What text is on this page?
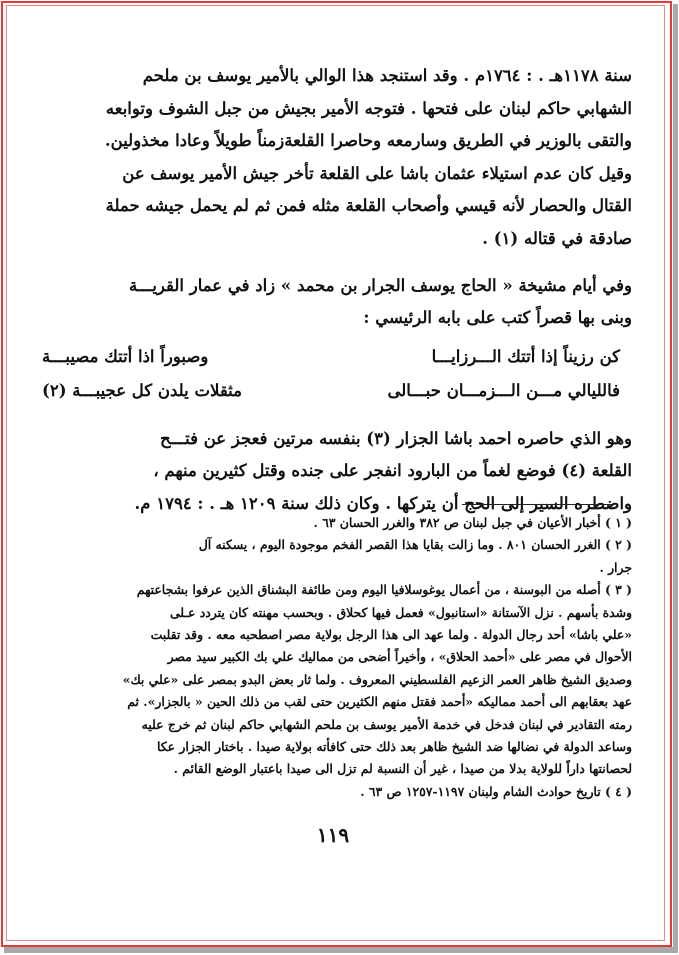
سنة ١١٧٨هـ . : ١٧٦٤م . وقد استنجد هذا الوالي بالأمير يوسف بن ملحم

الشهابي حاكم لبنان على فتحها . فتوجه الأمير بجيش من جبل الشوف وتوابعه

والتقى بالوزير في الطريق وسارمعه وحاصرا القلعةزمناً طويلاً وعادا مخذولين.

وقيل كان عدم استيلاء عثمان باشا على القلعة تأخر جيش الأمير يوسف عن

القتال والحصار لأنه قيسي وأصحاب القلعة مثله فمن ثم لم يحمل جيشه حملة

صادقة في قتاله (١) .

وفي أيام مشيخة « الحاج يوسف الجرار بن محمد » زاد في عمار القريـــة

وبنى بها قصراً كتب على بابه الرئيسي :

كن رزيناً إذا أتتك الـــرزايـــا
وصبوراً اذا أتتك مصيبـــة
فالليالي مـــن الـــزمـــان حبـــالى
مثقلات يلدن كل عجيبـــة (٢)

وهو الذي حاصره احمد باشا الجزار (٣) بنفسه مرتين فعجز عن فتـــح

القلعة (٤) فوضع لغماً من البارود انفجر على جنده وقتل كثيرين منهم ،

واضطره السير إلى الحج أن يتركها . وكان ذلك سنة ١٢٠٩ هـ . : ١٧٩٤ م.

( ١ ) أخبار الأعيان في جبل لبنان ص ٣٨٢ والغرر الحسان ٦٣ .

( ٢ ) الغرر الحسان ٨٠١ . وما زالت بقايا هذا القصر الفخم موجودة اليوم ، يسكنه آل

جرار .

( ٣ ) أصله من البوسنة ، من أعمال يوغوسلافيا اليوم ومن طائفة البشناق الذين عرفوا بشجاعتهم

وشدة بأسهم . نزل الآستانة «استانبول» فعمل فيها كحلاق . وبحسب مهنته كان يتردد عـلى

«علي باشا» أحد رجال الدولة . ولما عهد الى هذا الرجل بولاية مصر اصطحبه معه . وقد تقلبت

الأحوال في مصر على «أحمد الحلاق» ، وأخيراً أضحى من مماليك علي بك الكبير سيد مصر

وصديق الشيخ ظاهر العمر الزعيم الفلسطيني المعروف . ولما ثار بعض البدو بمصر على «علي بك»

عهد بعقابهم الى أحمد مماليكه «أحمد فقتل منهم الكثيرين حتى لقب من ذلك الحين « بالجزار». ثم

رمته التقادير في لبنان فدخل في خدمة الأمير يوسف بن ملحم الشهابي حاكم لبنان ثم خرج عليه

وساعد الدولة في نضالها ضد الشيخ ظاهر بعد ذلك حتى كافأته بولاية صيدا . باختار الجزار عكا

لحصانتها داراً للولاية بدلا من صيدا ، غير أن النسبة لم تزل الى صيدا باعتبار الوضع القائم .

( ٤ ) تاريخ حوادث الشام ولبنان ١١٩٧-١٢٥٧ ص ٦٣ .

١١٩
